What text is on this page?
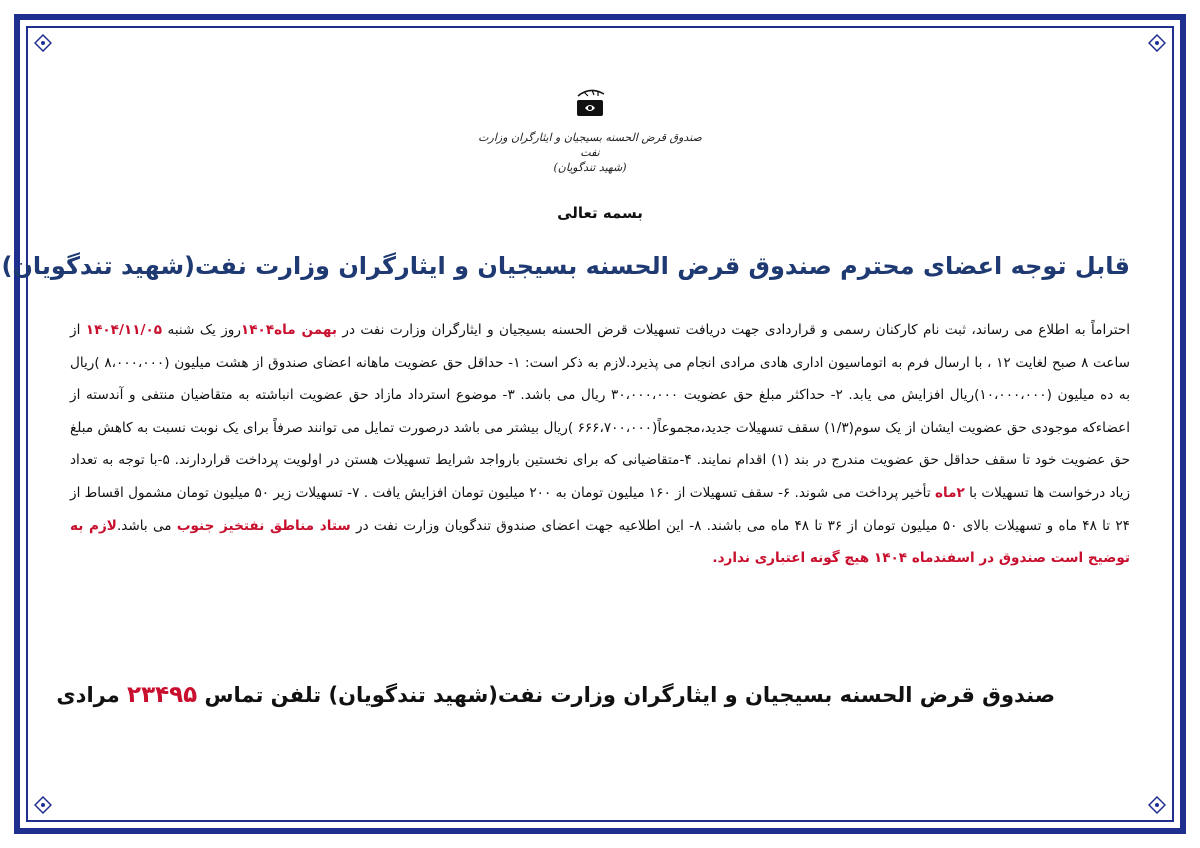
صندوق قرض الحسنه بسیجیان و ایثارگران وزارت نفت
(شهید تندگویان)
بسمه تعالی
قابل توجه اعضای محترم صندوق قرض الحسنه بسیجیان و ایثارگران وزارت نفت(شهید تندگویان)
احتراماً به اطلاع می رساند، ثبت نام کارکنان رسمی و قراردادی جهت دریافت تسهیلات قرض الحسنه بسیجیان و ایثارگران وزارت نفت در بهمن ماه۱۴۰۴روز یک شنبه ۱۴۰۴/۱۱/۰۵ از ساعت ۸ صبح لغایت ۱۲ ، با ارسال فرم به اتوماسیون اداری هادی مرادی انجام می پذیرد.لازم به ذکر است: ۱- حداقل حق عضویت ماهانه اعضای صندوق از هشت میلیون (۸،۰۰۰،۰۰۰ )ریال به ده میلیون (۱۰،۰۰۰،۰۰۰)ریال افزایش می یابد. ۲- حداکثر مبلغ حق عضویت ۳۰،۰۰۰،۰۰۰ ریال می باشد. ۳- موضوع استرداد مازاد حق عضویت انباشته به متقاضیان منتفی و آندسته از اعضاءکه موجودی حق عضویت ایشان از یک سوم(۱/۳) سقف تسهیلات جدید،مجموعاً(۶۶۶،۷۰۰،۰۰۰ )ریال بیشتر می باشد درصورت تمایل می توانند صرفاً برای یک نوبت نسبت به کاهش مبلغ حق عضویت خود تا سقف حداقل حق عضویت مندرج در بند (۱) اقدام نمایند. ۴-متقاضیانی که برای نخستین بارواجد شرایط تسهیلات هستن در اولویت پرداخت قراردارند. ۵-با توجه به تعداد زیاد درخواست ها تسهیلات با ۲ماه تأخیر پرداخت می شوند. ۶- سقف تسهیلات از ۱۶۰ میلیون تومان به ۲۰۰ میلیون تومان افزایش یافت . ۷- تسهیلات زیر ۵۰ میلیون تومان مشمول اقساط از ۲۴ تا ۴۸ ماه و تسهیلات بالای ۵۰ میلیون تومان از ۳۶ تا ۴۸ ماه می باشند. ۸- این اطلاعیه جهت اعضای صندوق تندگویان وزارت نفت در ستاد مناطق نفتخیز جنوب می باشد.لازم به توضیح است صندوق در اسفندماه ۱۴۰۴ هیچ گونه اعتباری ندارد.
صندوق قرض الحسنه بسیجیان و ایثارگران وزارت نفت(شهید تندگویان) تلفن تماس ۲۳۴۹۵ مرادی
